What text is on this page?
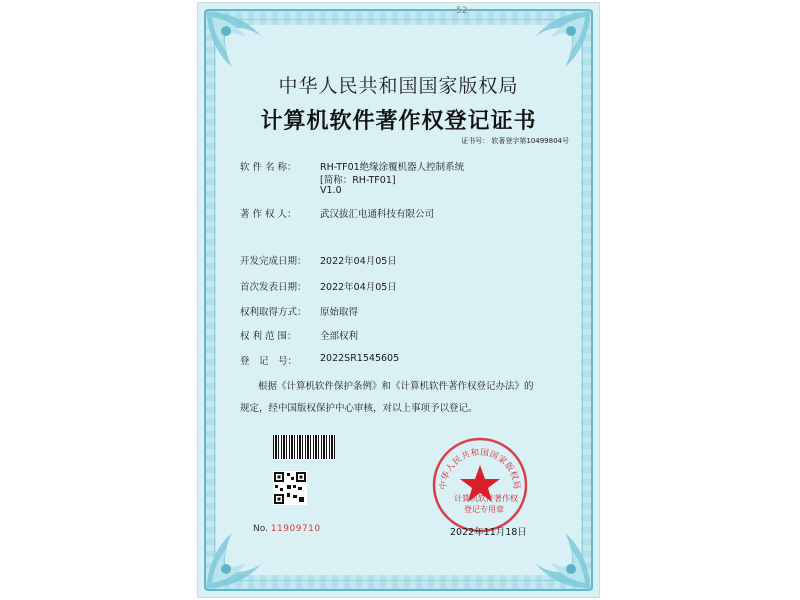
52
中华人民共和国国家版权局
计算机软件著作权登记证书
证书号： 软著登字第10499804号
软 件 名 称： RH-TF01绝缘涂覆机器人控制系统
[简称：RH-TF01]
V1.0
著 作 权 人： 武汉拔汇电通科技有限公司
开发完成日期： 2022年04月05日
首次发表日期： 2022年04月05日
权利取得方式： 原始取得
权 利 范 围： 全部权利
登　记　号： 2022SR1545605
根据《计算机软件保护条例》和《计算机软件著作权登记办法》的
规定，经中国版权保护中心审核，对以上事项予以登记。
No. 11909710
中华人民共和国国家版权局
计算机软件著作权
登记专用章
2022年11月18日
